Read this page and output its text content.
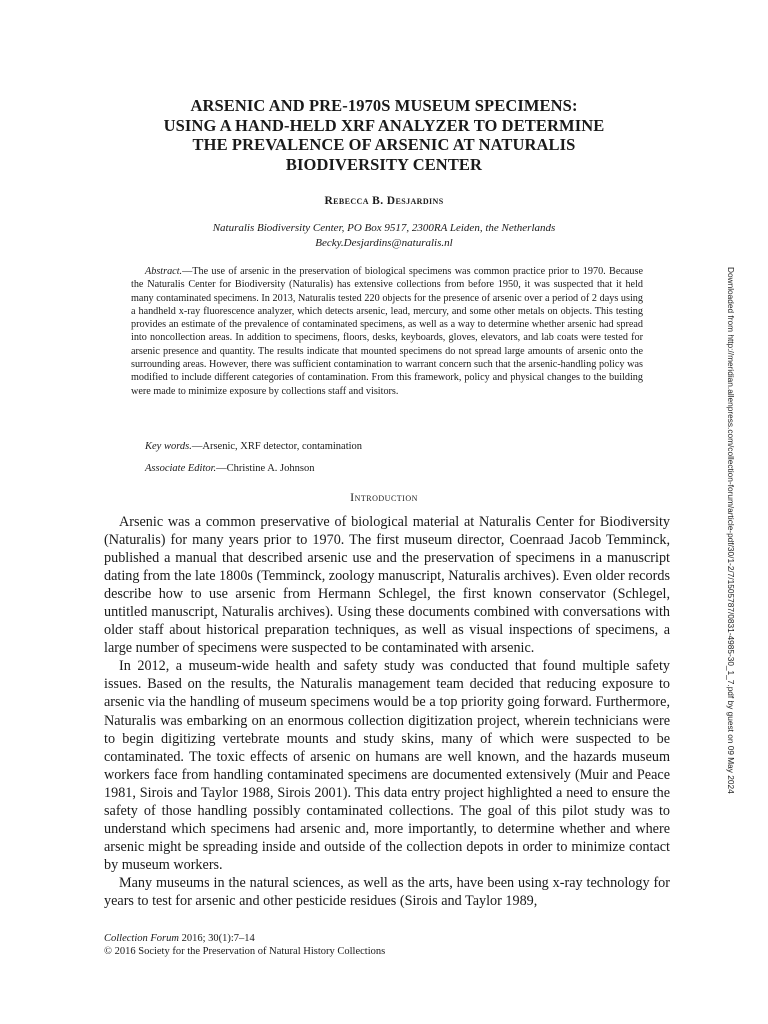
ARSENIC AND PRE-1970S MUSEUM SPECIMENS:
USING A HAND-HELD XRF ANALYZER TO DETERMINE
THE PREVALENCE OF ARSENIC AT NATURALIS
BIODIVERSITY CENTER
Rebecca B. Desjardins
Naturalis Biodiversity Center, PO Box 9517, 2300RA Leiden, the Netherlands
Becky.Desjardins@naturalis.nl

Abstract.—The use of arsenic in the preservation of biological specimens was common practice prior to 1970. Because the Naturalis Center for Biodiversity (Naturalis) has extensive collections from before 1950, it was suspected that it held many contaminated specimens. In 2013, Naturalis tested 220 objects for the presence of arsenic over a period of 2 days using a handheld x-ray fluorescence analyzer, which detects arsenic, lead, mercury, and some other metals on objects. This testing provides an estimate of the prevalence of contaminated specimens, as well as a way to determine whether arsenic had spread into noncollection areas. In addition to specimens, floors, desks, keyboards, gloves, elevators, and lab coats were tested for arsenic presence and quantity. The results indicate that mounted specimens do not spread large amounts of arsenic onto the surrounding areas. However, there was sufficient contamination to warrant concern such that the arsenic-handling policy was modified to include different categories of contamination. From this framework, policy and physical changes to the building were made to minimize exposure by collections staff and visitors.

Key words.—Arsenic, XRF detector, contamination
Associate Editor.—Christine A. Johnson
Introduction

Arsenic was a common preservative of biological material at Naturalis Center for Biodiversity (Naturalis) for many years prior to 1970. The first museum director, Coenraad Jacob Temminck, published a manual that described arsenic use and the preservation of specimens in a manuscript dating from the late 1800s (Temminck, zoology manuscript, Naturalis archives). Even older records describe how to use arsenic from Hermann Schlegel, the first known conservator (Schlegel, untitled manuscript, Naturalis archives). Using these documents combined with conversations with older staff about historical preparation techniques, as well as visual inspections of specimens, a large number of specimens were suspected to be contaminated with arsenic.

In 2012, a museum-wide health and safety study was conducted that found multiple safety issues. Based on the results, the Naturalis management team decided that reducing exposure to arsenic via the handling of museum specimens would be a top priority going forward. Furthermore, Naturalis was embarking on an enormous collection digitization project, wherein technicians were to begin digitizing vertebrate mounts and study skins, many of which were suspected to be contaminated. The toxic effects of arsenic on humans are well known, and the hazards museum workers face from handling contaminated specimens are documented extensively (Muir and Peace 1981, Sirois and Taylor 1988, Sirois 2001). This data entry project highlighted a need to ensure the safety of those handling possibly contaminated collections. The goal of this pilot study was to understand which specimens had arsenic and, more importantly, to determine whether and where arsenic might be spreading inside and outside of the collection depots in order to minimize contact by museum workers.

Many museums in the natural sciences, as well as the arts, have been using x-ray technology for years to test for arsenic and other pesticide residues (Sirois and Taylor 1989,

Collection Forum 2016; 30(1):7–14
© 2016 Society for the Preservation of Natural History Collections
Downloaded from http://meridian.allenpress.com/collection-forum/article-pdf/30/1-2/7/1505787/0831-4985-30_1_7.pdf by guest on 09 May 2024
